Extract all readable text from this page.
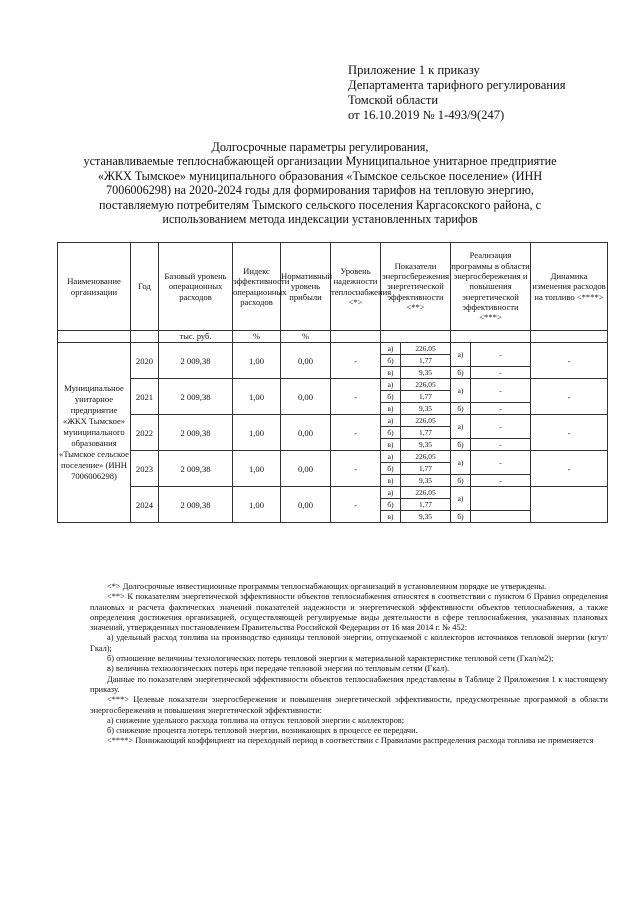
Приложение 1 к приказу
Департамента тарифного регулирования
Томской области
от 16.10.2019 № 1-493/9(247)
Долгосрочные параметры регулирования,
устанавливаемые теплоснабжающей организации Муниципальное унитарное предприятие
«ЖКХ Тымское» муниципального образования «Тымское сельское поселение» (ИНН
7006006298) на 2020-2024 годы для формирования тарифов на тепловую энергию,
поставляемую потребителям Тымского сельского поселения Каргасокского района, с
использованием метода индексации установленных тарифов
Наименование организации	Год	Базовый уровень операционных расходов	Индекс эффективности операционных расходов	Нормативный уровень прибыли	Уровень надежности теплоснабжения <*>	Показатели энергосбережения энергетической эффективности <**>		Реализация программы в области энергосбережения и повышения энергетической эффективности <***>		Динамика изменения расходов на топливо <****>
		тыс. руб.	%	%						
Муниципальное унитарное предприятие «ЖКХ Тымское» муниципального образования «Тымское сельское поселение» (ИНН 7006006298)	2020	2 009,38	1,00	0,00	-	а)	226,05	а)	-	-
						б)	1,77			
						в)	9,35	б)	-	
	2021	2 009,38	1,00	0,00	-	а)	226,05	а)	-	-
						б)	1,77			
						в)	9,35	б)	-	
	2022	2 009,38	1,00	0,00	-	а)	226,05	а)	-	-
						б)	1,77			
						в)	9,35	б)	-	
	2023	2 009,38	1,00	0,00	-	а)	226,05	а)	-	-
						б)	1,77			
						в)	9,35	б)	-	
	2024	2 009,38	1,00	0,00	-	а)	226,05	а)		
						б)	1,77			
						в)	9,35	б)		

<*> Долгосрочные инвестиционные программы теплоснабжающих организаций в установленном порядке не утверждены.

<**> К показателям энергетической эффективности объектов теплоснабжения относятся в соответствии с пунктом 6 Правил определения плановых и расчета фактических значений показателей надежности и энергетической эффективности объектов теплоснабжения, а также определения достижения организацией, осуществляющей регулируемые виды деятельности в сфере теплоснабжения, указанных плановых значений, утвержденных постановлением Правительства Российской Федерации от 16 мая 2014 г. № 452:

а) удельный расход топлива на производство единицы тепловой энергии, отпускаемой с коллекторов источников тепловой энергии (кгут/Гкал);

б) отношение величины технологических потерь тепловой энергии к материальной характеристике тепловой сети (Гкал/м2);

в) величина технологических потерь при передаче тепловой энергии по тепловым сетям (Гкал).

Данные по показателям энергетической эффективности объектов теплоснабжения представлены в Таблице 2 Приложения 1 к настоящему приказу.

<***> Целевые показатели энергосбережения и повышения энергетической эффективности, предусмотренные программой в области энергосбережения и повышения энергетической эффективности:

а) снижение удельного расхода топлива на отпуск тепловой энергии с коллекторов;

б) снижение процента потерь тепловой энергии, возникающих в процессе ее передачи.

<****> Понижающий коэффициент на переходный период в соответствии с Правилами распределения расхода топлива не применяется
